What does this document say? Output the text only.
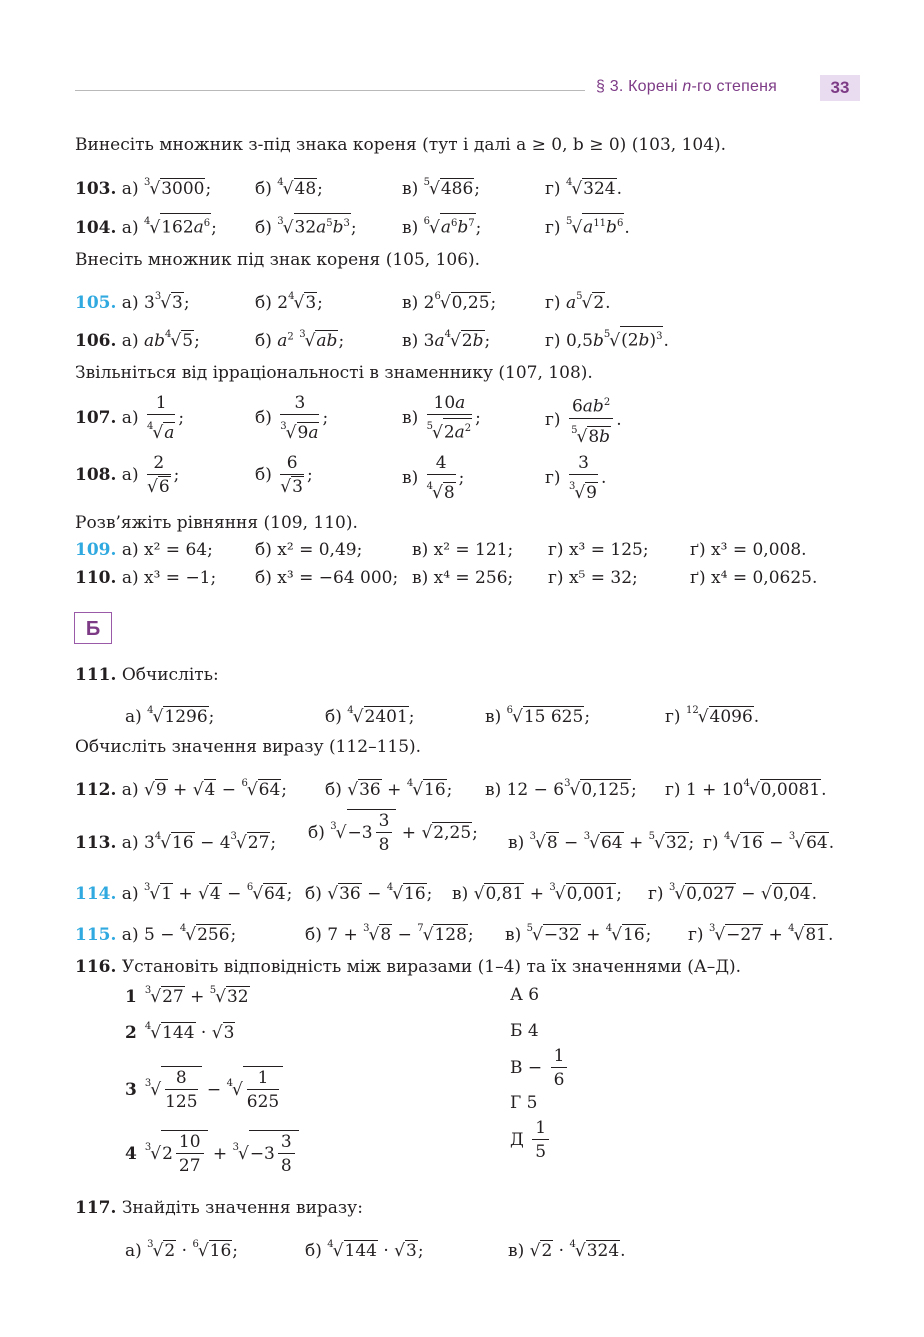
§ 3. Корені n-го степеня	33
Винесіть множник з-під знака кореня (тут і далі a ≥ 0, b ≥ 0) (103, 104).
103. а) $^3$√3000;	б) $^4$√48;	в) $^5$√486;	г) $^4$√324.
104. а) $^4√162a^6$; б) $^3√32a^5b^3$;	в) $^6√a^6b^7$;	г) $^5√a^{11}b^6$.
Внесіть множник під знак кореня (105, 106).
105. а) $3^3√3$;	б) $2^4√3$;	в) $2^6√0,25$;	г) $a^5√2$.
106. а) $ab^4√5$;	б) $a^2$ $^3$√ab;	в) $3a^4√2b$;	г) $0,5b^5√(2b)^3$.
Звільніться від ірраціональності в знаменнику (107, 108).
107. $а) \frac{1}{^4√a}$ ;	$б) \frac{3}{^3√9a}$ ;	$в) \frac{10a}{^5√2a^2}$ ;	$г) \frac{6ab^2}{^5√8b}$ .
108. $а) \frac{2}{√6}$ ;	$б) \frac{6}{√3}$ ;	$в) \frac{4}{^4√8}$ ;	$г) \frac{3}{^3√9}$ .
Розв’яжіть рівняння (109, 110).
109. а) x² = 64; б) x² = 0,49;	в) x² = 121; г) x³ = 125; ґ) x³ = 0,008.
110. а) x³ = −1; б) x³ = −64 000; в) x⁴ = 256; г) x⁵ = 32;	ґ) x⁴ = 0,0625.
Б
111. Обчисліть:
а) $^4$√1296;	б) $^4$√2401;	в) $^6$√15 625;	г) $^{12}$√4096.
Обчисліть значення виразу (112–115).
112. а) √9 + √4 − $^6$√64; б) √36 + $^4$√16; в) $12 - 6^3√0,125$; г) $1 + 10^4√0,0081$.
113. а) $3^4√16 - 4^3√27$; б) $^3√-3 \frac{3}{8} + √2,25$; в) $^3$√8 − $^3$√64 + $^5$√32; г) $^4$√16 − $^3$√64.
114. а) $^3$√1 + √4 − $^6$√64; б) √36 − $^4$√16; в) √0,81 + $^3$√0,001; г) $^3$√0,027 − √0,04.
115. а) 5 − $^4$√256;	б) 7 + $^3$√8 − $^7$√128; в) $^5$√−32 + $^4$√16; г) $^3$√−27 + $^4$√81.
116. Установіть відповідність між виразами (1–4) та їх значеннями (А–Д).
1 $^3$√27 + $^5$√32
2 $^4$√144 · √3
3 $^3√ \frac{8}{125} - ^4√ \frac{1}{625}$
4 $^3√2 \frac{10}{27} + ^3√-3 \frac{3}{8}$
А 6
Б 4
$В - \frac{1}{6}$
Г 5
Д $\frac{1}{5}$
117. Знайдіть значення виразу:
а) $^3$√2 · $^6$√16;	б) $^4$√144 · √3;	в) √2 · $^4$√324.
